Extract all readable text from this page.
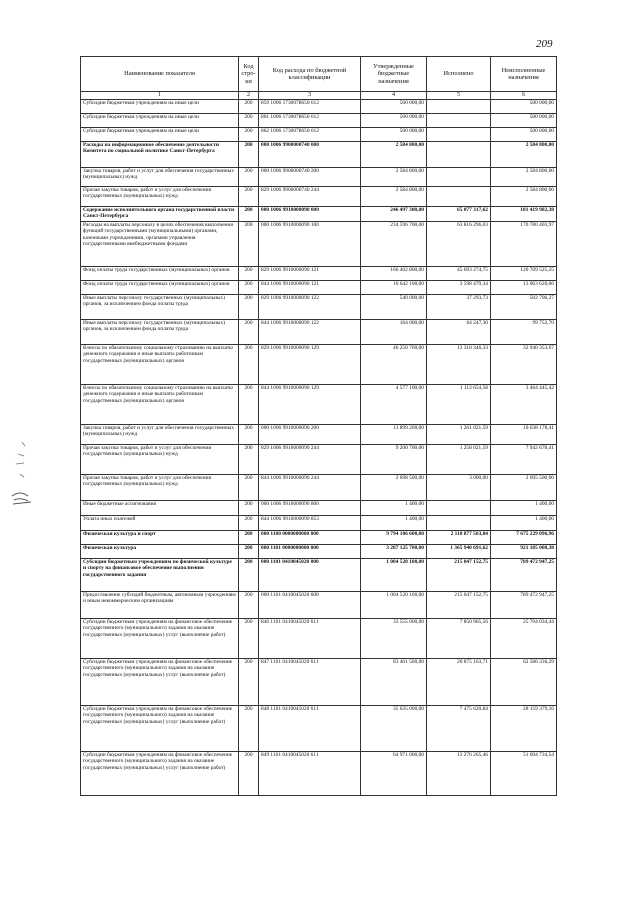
209
Наименование показателя	Код стро-ки	Код расхода по бюджетной классификации	Утвержденные бюджетные назначения	Исполнено	Неисполненные назначения
1	2	3	4	5	6
Субсидии бюджетным учреждениям на иные цели	200	859 1006 1730078650 612	500 000,00		500 000,00
Субсидии бюджетным учреждениям на иные цели	200	861 1006 1730078650 612	500 000,00		500 000,00
Субсидии бюджетным учреждениям на иные цели	200	862 1006 1730078650 612	500 000,00		500 000,00
Расходы на информационное обеспечение деятельности Комитета по социальной политике Санкт-Петербурга	200	000 1006 9900000740 000	2 584 800,00		2 584 800,00
Закупка товаров, работ и услуг для обеспечения государственных (муниципальных) нужд	200	000 1006 9900000740 200	2 584 800,00		2 584 800,00
Прочая закупка товаров, работ и услуг для обеспечения государственных (муниципальных) нужд	200	829 1006 9900000740 244	2 584 800,00		2 584 800,00
Содержание исполнительного органа государственной власти Санкт-Петербурга	200	000 1006 9910000090 000	246 497 300,00	65 077 317,62	181 419 982,38
Расходы на выплаты персоналу в целях обеспечения выполнения функций государственными (муниципальными) органами, казенными учреждениями, органами управления государственными внебюджетными фондами	200	000 1006 9910000090 100	234 596 700,00	63 816 296,03	170 780 403,97
Фонд оплаты труда государственных (муниципальных) органов	200	829 1006 9910000090 121	166 402 800,00	45 693 274,75	120 709 525,25
Фонд оплаты труда государственных (муниципальных) органов	200	844 1006 9910000090 121	16 642 100,00	3 598 479,34	13 063 620,66
Иные выплаты персоналу государственных (муниципальных) органов, за исключением фонда оплаты труда	200	829 1006 9910000090 122	540 000,00	37 293,73	502 706,27
Иные выплаты персоналу государственных (муниципальных) органов, за исключением фонда оплаты труда	200	844 1006 9910000090 122	164 000,00	64 247,30	99 752,70
Взносы по обязательному социальному страхованию на выплаты денежного содержания и иные выплаты работникам государственных (муниципальных) органов	200	829 1006 9910000090 129	46 250 700,00	13 310 346,33	32 940 353,67
Взносы по обязательному социальному страхованию на выплаты денежного содержания и иные выплаты работникам государственных (муниципальных) органов	200	844 1006 9910000090 129	4 577 100,00	1 112 654,58	3 464 445,42
Закупка товаров, работ и услуг для обеспечения государственных (муниципальных) нужд	200	000 1006 9910000090 200	11 899 200,00	1 261 021,59	10 638 178,41
Прочая закупка товаров, работ и услуг для обеспечения государственных (муниципальных) нужд	200	829 1006 9910000090 244	9 200 700,00	1 258 021,59	7 942 678,41
Прочая закупка товаров, работ и услуг для обеспечения государственных (муниципальных) нужд	200	844 1006 9910000090 244	2 698 500,00	3 000,00	2 695 500,00
Иные бюджетные ассигнования	200	000 1006 9910000090 800	1 400,00		1 400,00
Уплата иных платежей	200	844 1006 9910000090 853	1 400,00		1 400,00
Физическая культура и спорт	200	000 1100 0000000000 000	9 794 106 600,00	2 118 877 503,04	7 675 229 096,96
Физическая культура	200	000 1101 0000000000 000	3 287 125 700,00	1 365 940 691,62	921 185 008,38
Субсидии бюджетным учреждениям по физической культуре и спорту на финансовое обеспечение выполнения государственного задания	200	000 1101 0410045020 000	1 004 520 100,00	215 047 152,75	789 472 947,25
Предоставление субсидий бюджетным, автономным учреждениям и иным некоммерческим организациям	200	000 1101 0410045020 600	1 004 520 100,00	215 047 152,75	789 472 947,25
Субсидии бюджетным учреждениям на финансовое обеспечение государственного (муниципального) задания на оказание государственных (муниципальных) услуг (выполнение работ)	200	846 1101 0410045020 611	33 555 000,00	7 850 965,56	25 704 034,44
Субсидии бюджетным учреждениям на финансовое обеспечение государственного (муниципального) задания на оказание государственных (муниципальных) услуг (выполнение работ)	200	847 1101 0410045020 611	83 461 500,00	20 875 163,71	62 586 336,29
Субсидии бюджетным учреждениям на финансовое обеспечение государственного (муниципального) задания на оказание государственных (муниципальных) услуг (выполнение работ)	200	848 1101 0410045020 611	35 635 000,00	7 475 620,84	28 159 379,16
Субсидии бюджетным учреждениям на финансовое обеспечение государственного (муниципального) задания на оказание государственных (муниципальных) услуг (выполнение работ)	200	849 1101 0410045020 611	64 971 000,00	13 276 265,46	51 694 734,54
